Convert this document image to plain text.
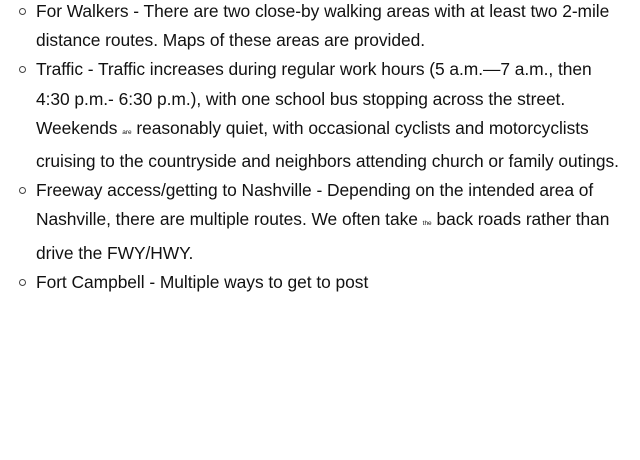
For Walkers - There are two close-by walking areas with at least two 2-mile distance routes. Maps of these areas are provided.
Traffic - Traffic increases during regular work hours (5 a.m.—7 a.m., then 4:30 p.m.- 6:30 p.m.), with one school bus stopping across the street. Weekends are reasonably quiet, with occasional cyclists and motorcyclists cruising to the countryside and neighbors attending church or family outings.
Freeway access/getting to Nashville - Depending on the intended area of Nashville, there are multiple routes. We often take the back roads rather than drive the FWY/HWY.
Fort Campbell - Multiple ways to get to post
